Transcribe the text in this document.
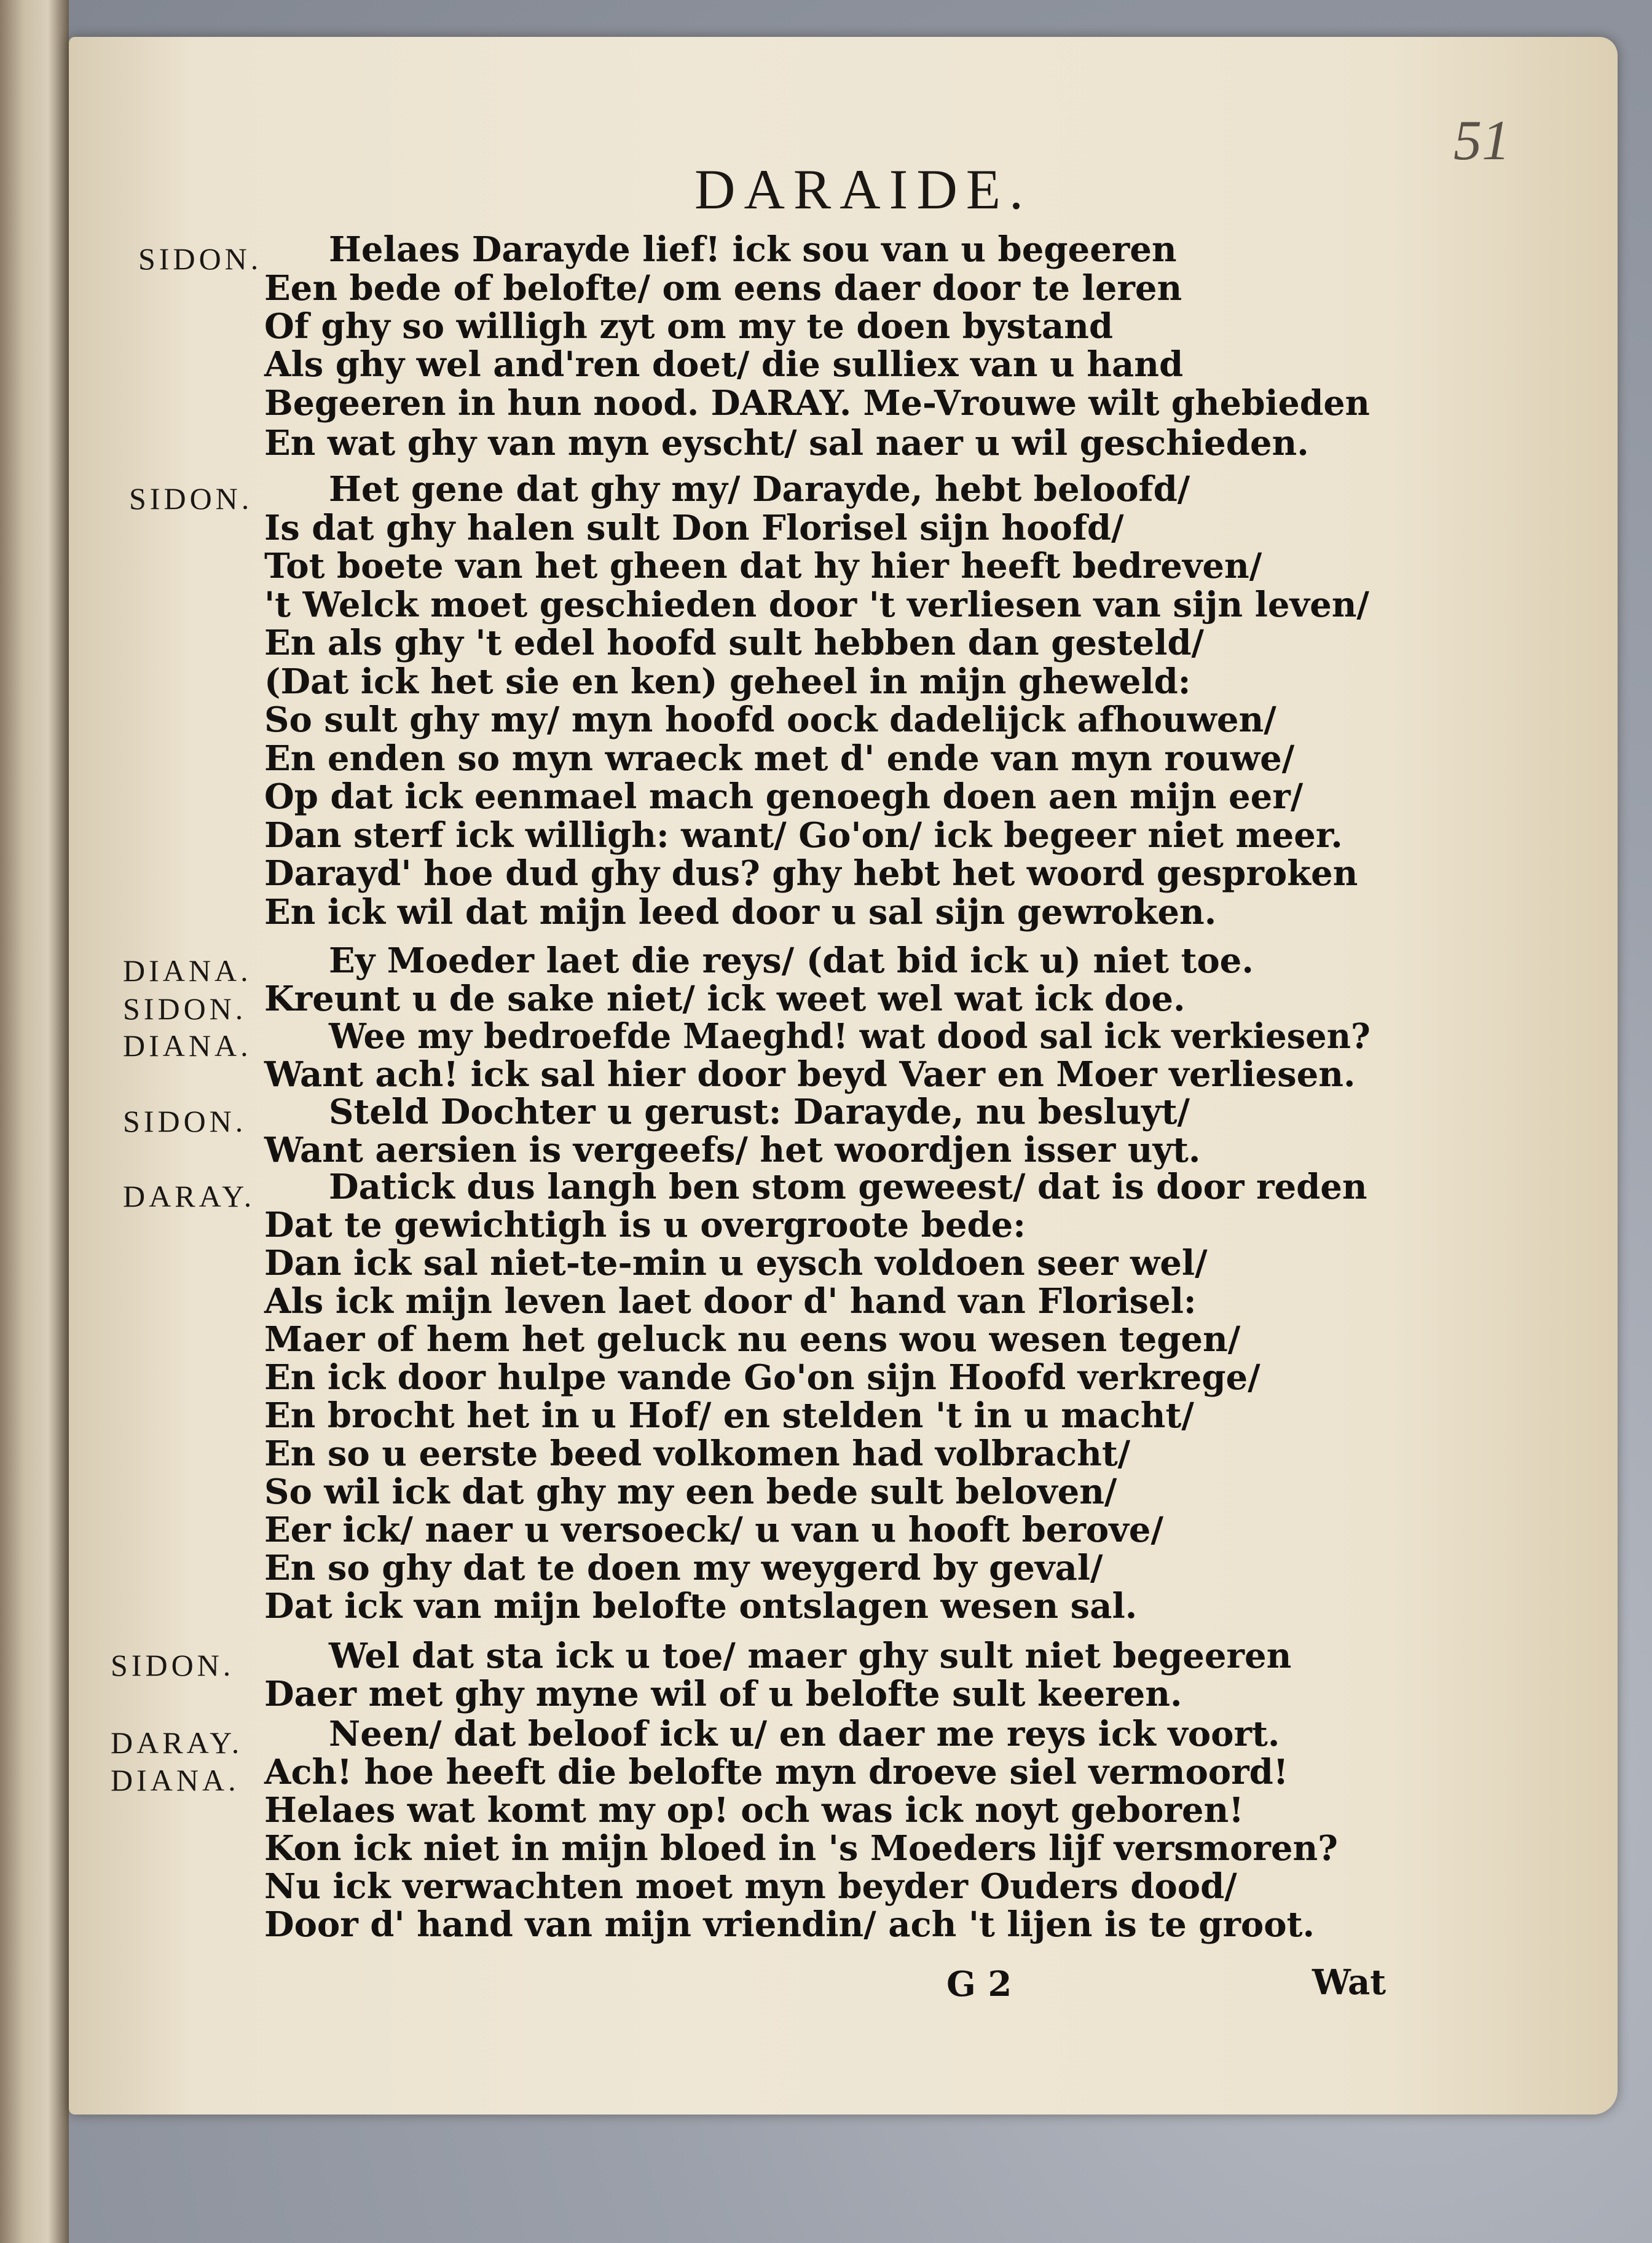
51
DARAIDE.
SIDON.
SIDON.
DIANA.
SIDON.
DIANA.
SIDON.
DARAY.
SIDON.
DARAY.
DIANA.
Helaes Darayde lief! ick sou van u begeeren
Een bede of belofte/ om eens daer door te leren
Of ghy so willigh zyt om my te doen bystand
Als ghy wel and'ren doet/ die sulliex van u hand
Begeeren in hun nood. DARAY. Me-Vrouwe wilt ghebieden
En wat ghy van myn eyscht/ sal naer u wil geschieden.
Het gene dat ghy my/ Darayde, hebt beloofd/
Is dat ghy halen sult Don Florisel sijn hoofd/
Tot boete van het gheen dat hy hier heeft bedreven/
't Welck moet geschieden door 't verliesen van sijn leven/
En als ghy 't edel hoofd sult hebben dan gesteld/
(Dat ick het sie en ken) geheel in mijn gheweld:
So sult ghy my/ myn hoofd oock dadelijck afhouwen/
En enden so myn wraeck met d' ende van myn rouwe/
Op dat ick eenmael mach genoegh doen aen mijn eer/
Dan sterf ick willigh: want/ Go'on/ ick begeer niet meer.
Darayd' hoe dud ghy dus? ghy hebt het woord gesproken
En ick wil dat mijn leed door u sal sijn gewroken.
Ey Moeder laet die reys/ (dat bid ick u) niet toe.
Kreunt u de sake niet/ ick weet wel wat ick doe.
Wee my bedroefde Maeghd! wat dood sal ick verkiesen?
Want ach! ick sal hier door beyd Vaer en Moer verliesen.
Steld Dochter u gerust: Darayde, nu besluyt/
Want aersien is vergeefs/ het woordjen isser uyt.
Datick dus langh ben stom geweest/ dat is door reden
Dat te gewichtigh is u overgroote bede:
Dan ick sal niet-te-min u eysch voldoen seer wel/
Als ick mijn leven laet door d' hand van Florisel:
Maer of hem het geluck nu eens wou wesen tegen/
En ick door hulpe vande Go'on sijn Hoofd verkrege/
En brocht het in u Hof/ en stelden 't in u macht/
En so u eerste beed volkomen had volbracht/
So wil ick dat ghy my een bede sult beloven/
Eer ick/ naer u versoeck/ u van u hooft berove/
En so ghy dat te doen my weygerd by geval/
Dat ick van mijn belofte ontslagen wesen sal.
Wel dat sta ick u toe/ maer ghy sult niet begeeren
Daer met ghy myne wil of u belofte sult keeren.
Neen/ dat beloof ick u/ en daer me reys ick voort.
Ach! hoe heeft die belofte myn droeve siel vermoord!
Helaes wat komt my op! och was ick noyt geboren!
Kon ick niet in mijn bloed in 's Moeders lijf versmoren?
Nu ick verwachten moet myn beyder Ouders dood/
Door d' hand van mijn vriendin/ ach 't lijen is te groot.
G 2	Wat
